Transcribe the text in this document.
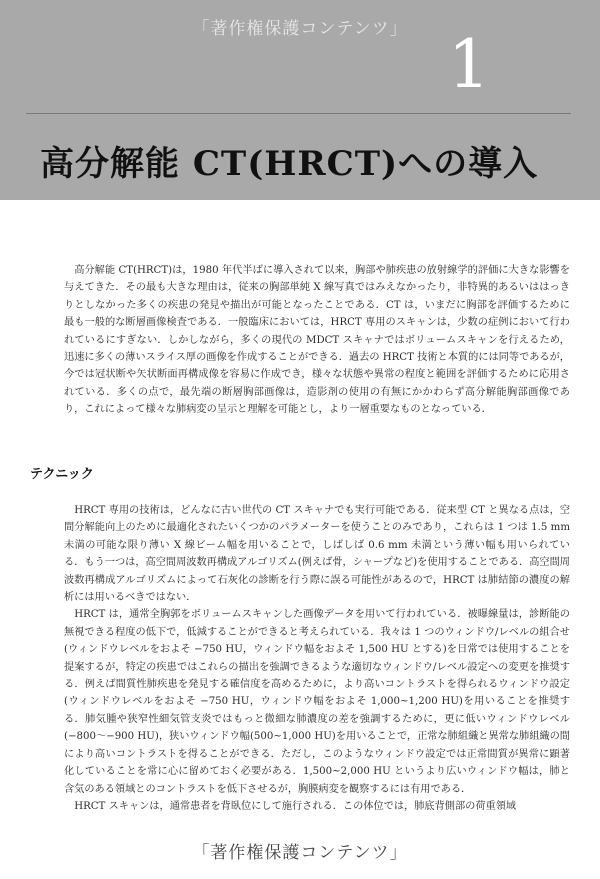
「著作権保護コンテンツ」 1
高分解能 CT(HRCT)への導入

高分解能 CT(HRCT)は，1980 年代半ばに導入されて以来，胸部や肺疾患の放射線学的評価に大きな影響を与えてきた．その最も大きな理由は，従来の胸部単純 X 線写真ではみえなかったり，非特異的あるいははっきりとしなかった多くの疾患の発見や描出が可能となったことである．CT は，いまだに胸部を評価するために最も一般的な断層画像検査である．一般臨床においては，HRCT 専用のスキャンは，少数の症例において行われているにすぎない．しかしながら，多くの現代の MDCT スキャナではボリュームスキャンを行えるため，迅速に多くの薄いスライス厚の画像を作成することができる．過去の HRCT 技術と本質的には同等であるが，今では冠状断や矢状断面再構成像を容易に作成でき，様々な状態や異常の程度と範囲を評価するために応用されている．多くの点で，最先端の断層胸部画像は，造影剤の使用の有無にかかわらず高分解能胸部画像であり，これによって様々な肺病変の呈示と理解を可能とし，より一層重要なものとなっている．

テクニック

HRCT 専用の技術は，どんなに古い世代の CT スキャナでも実行可能である．従来型 CT と異なる点は，空間分解能向上のために最適化されたいくつかのパラメーターを使うことのみであり，これらは 1 つは 1.5 mm 未満の可能な限り薄い X 線ビーム幅を用いることで，しばしば 0.6 mm 未満という薄い幅も用いられている．もう一つは，高空間周波数再構成アルゴリズム(例えば骨，シャープなど)を使用することである．高空間周波数再構成アルゴリズムによって石灰化の診断を行う際に誤る可能性があるので，HRCT は肺結節の濃度の解析には用いるべきではない．

HRCT は，通常全胸郭をボリュームスキャンした画像データを用いて行われている．被曝線量は，診断能の無視できる程度の低下で，低減することができると考えられている．我々は 1 つのウィンドウ/レベルの組合せ(ウィンドウレベルをおよそ −750 HU，ウィンドウ幅をおよそ 1,500 HU とする)を日常では使用することを提案するが，特定の疾患ではこれらの描出を強調できるような適切なウィンドウ/レベル設定への変更を推奨する．例えば間質性肺疾患を発見する確信度を高めるために，より高いコントラストを得られるウィンドウ設定(ウィンドウレベルをおよそ −750 HU，ウィンドウ幅をおよそ 1,000~1,200 HU)を用いることを推奨する．肺気腫や狭窄性細気管支炎ではもっと微細な肺濃度の差を強調するために，更に低いウィンドウレベル(−800～−900 HU)，狭いウィンドウ幅(500~1,000 HU)を用いることで，正常な肺組織と異常な肺組織の間により高いコントラストを得ることができる．ただし，このようなウィンドウ設定では正常間質が異常に顕著化していることを常に心に留めておく必要がある．1,500~2,000 HU というより広いウィンドウ幅は，肺と含気のある領域とのコントラストを低下させるが，胸膜病変を観察するには有用である．

HRCT スキャンは，通常患者を背臥位にして施行される．この体位では，肺底背側部の荷重領域

「著作権保護コンテンツ」
